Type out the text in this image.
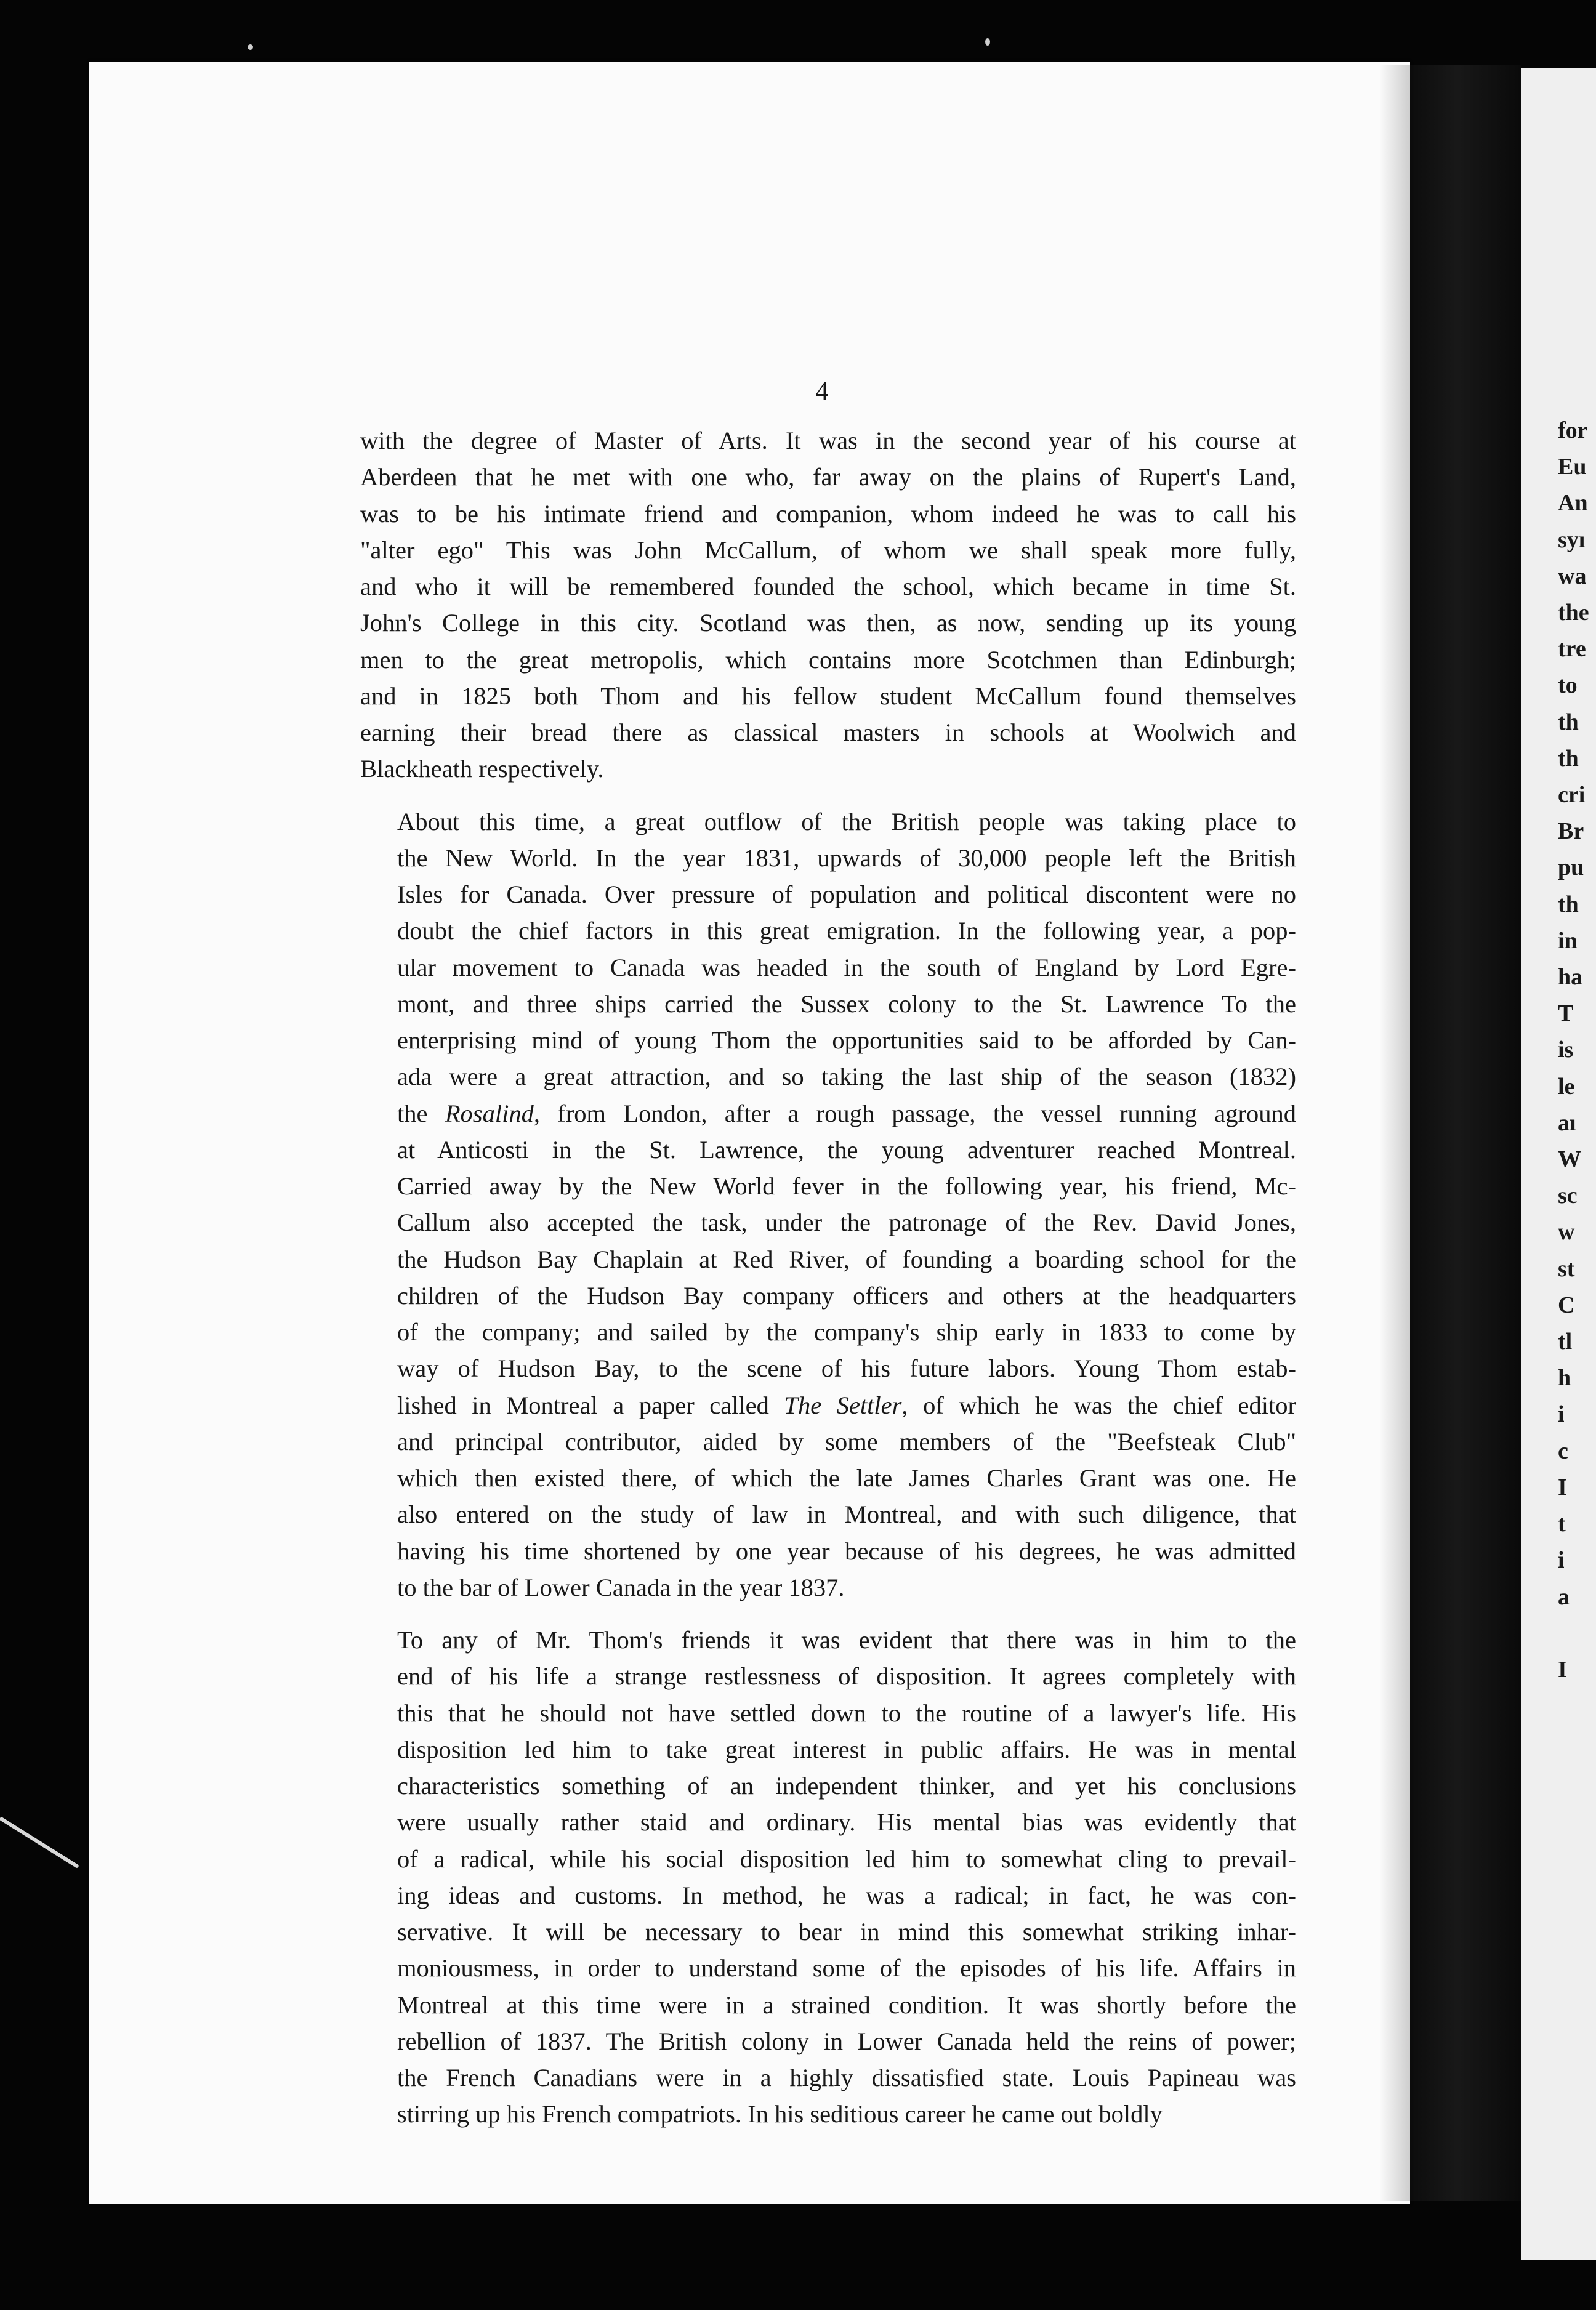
for
Eu
An
syı
wa
the
tre
to
th
th
cri
Br
pu
th
in
ha
T
is
le
aı
W
sc
w
st
C
tl
h
i
c
I
t
i
a

I
4
with the degree of Master of Arts. It was in the second year of his course at
Aberdeen that he met with one who, far away on the plains of Rupert's Land,
was to be his intimate friend and companion, whom indeed he was to call his
"alter ego" This was John McCallum, of whom we shall speak more fully,
and who it will be remembered founded the school, which became in time St.
John's College in this city. Scotland was then, as now, sending up its young
men to the great metropolis, which contains more Scotchmen than Edinburgh;
and in 1825 both Thom and his fellow student McCallum found themselves
earning their bread there as classical masters in schools at Woolwich and
Blackheath respectively.
About this time, a great outflow of the British people was taking place to
the New World. In the year 1831, upwards of 30,000 people left the British
Isles for Canada. Over pressure of population and political discontent were no
doubt the chief factors in this great emigration. In the following year, a pop-
ular movement to Canada was headed in the south of England by Lord Egre-
mont, and three ships carried the Sussex colony to the St. Lawrence To the
enterprising mind of young Thom the opportunities said to be afforded by Can-
ada were a great attraction, and so taking the last ship of the season (1832)
the Rosalind, from London, after a rough passage, the vessel running aground
at Anticosti in the St. Lawrence, the young adventurer reached Montreal.
Carried away by the New World fever in the following year, his friend, Mc-
Callum also accepted the task, under the patronage of the Rev. David Jones,
the Hudson Bay Chaplain at Red River, of founding a boarding school for the
children of the Hudson Bay company officers and others at the headquarters
of the company; and sailed by the company's ship early in 1833 to come by
way of Hudson Bay, to the scene of his future labors. Young Thom estab-
lished in Montreal a paper called The Settler, of which he was the chief editor
and principal contributor, aided by some members of the "Beefsteak Club"
which then existed there, of which the late James Charles Grant was one. He
also entered on the study of law in Montreal, and with such diligence, that
having his time shortened by one year because of his degrees, he was admitted
to the bar of Lower Canada in the year 1837.
To any of Mr. Thom's friends it was evident that there was in him to the
end of his life a strange restlessness of disposition. It agrees completely with
this that he should not have settled down to the routine of a lawyer's life. His
disposition led him to take great interest in public affairs. He was in mental
characteristics something of an independent thinker, and yet his conclusions
were usually rather staid and ordinary. His mental bias was evidently that
of a radical, while his social disposition led him to somewhat cling to prevail-
ing ideas and customs. In method, he was a radical; in fact, he was con-
servative. It will be necessary to bear in mind this somewhat striking inhar-
moniousmess, in order to understand some of the episodes of his life. Affairs in
Montreal at this time were in a strained condition. It was shortly before the
rebellion of 1837. The British colony in Lower Canada held the reins of power;
the French Canadians were in a highly dissatisfied state. Louis Papineau was
stirring up his French compatriots. In his seditious career he came out boldly
